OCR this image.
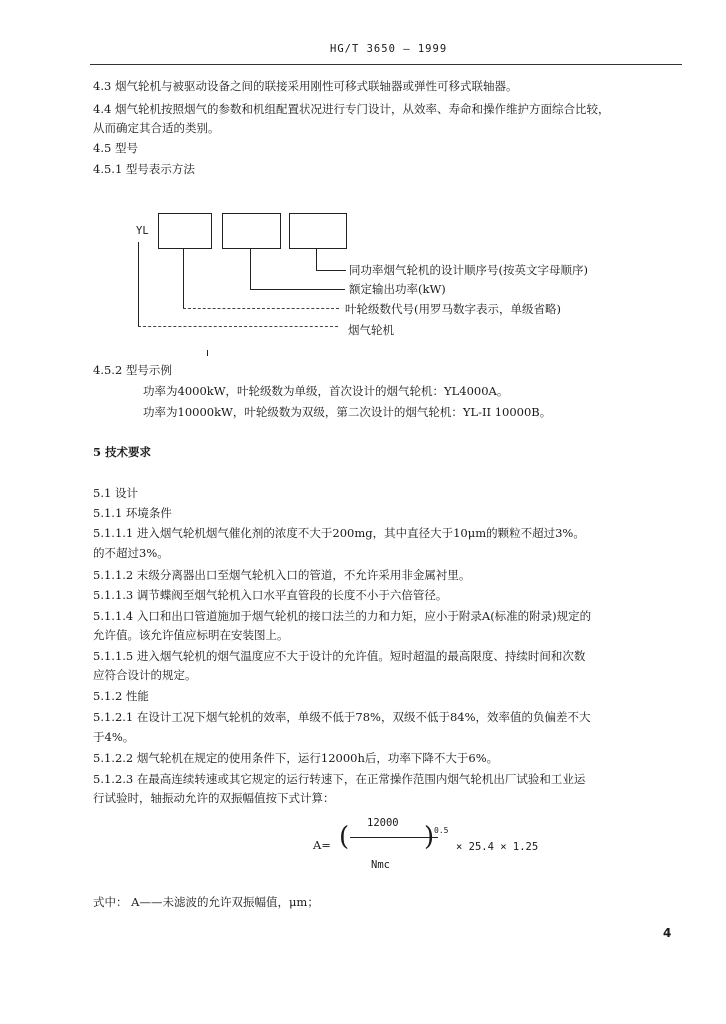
HG/T 3650 — 1999
4.3 烟气轮机与被驱动设备之间的联接采用刚性可移式联轴器或弹性可移式联轴器。
4.4 烟气轮机按照烟气的参数和机组配置状况进行专门设计，从效率、寿命和操作维护方面综合比较，
从而确定其合适的类别。
4.5 型号
4.5.1 型号表示方法
YL
同功率烟气轮机的设计顺序号(按英文字母顺序)
额定输出功率(kW)
叶轮级数代号(用罗马数字表示，单级省略)
烟气轮机
4.5.2 型号示例
功率为4000kW，叶轮级数为单级，首次设计的烟气轮机：YL4000A。
功率为10000kW，叶轮级数为双级，第二次设计的烟气轮机：YL-II 10000B。
5 技术要求
5.1 设计
5.1.1 环境条件
5.1.1.1 进入烟气轮机烟气催化剂的浓度不大于200mg，其中直径大于10μm的颗粒不超过3%。
的不超过3%。
5.1.1.2 末级分离器出口至烟气轮机入口的管道，不允许采用非金属衬里。
5.1.1.3 调节蝶阀至烟气轮机入口水平直管段的长度不小于六倍管径。
5.1.1.4 入口和出口管道施加于烟气轮机的接口法兰的力和力矩，应小于附录A(标准的附录)规定的
允许值。该允许值应标明在安装图上。
5.1.1.5 进入烟气轮机的烟气温度应不大于设计的允许值。短时超温的最高限度、持续时间和次数
应符合设计的规定。
5.1.2 性能
5.1.2.1 在设计工况下烟气轮机的效率，单级不低于78%，双级不低于84%，效率值的负偏差不大
于4%。
5.1.2.2 烟气轮机在规定的使用条件下，运行12000h后，功率下降不大于6%。
5.1.2.3 在最高连续转速或其它规定的运行转速下，在正常操作范围内烟气轮机出厂试验和工业运
行试验时，轴振动允许的双振幅值按下式计算：
12000
A= (	) 0.5
× 25.4 × 1.25
Nmc
式中： A——未滤波的允许双振幅值，μm；
4
